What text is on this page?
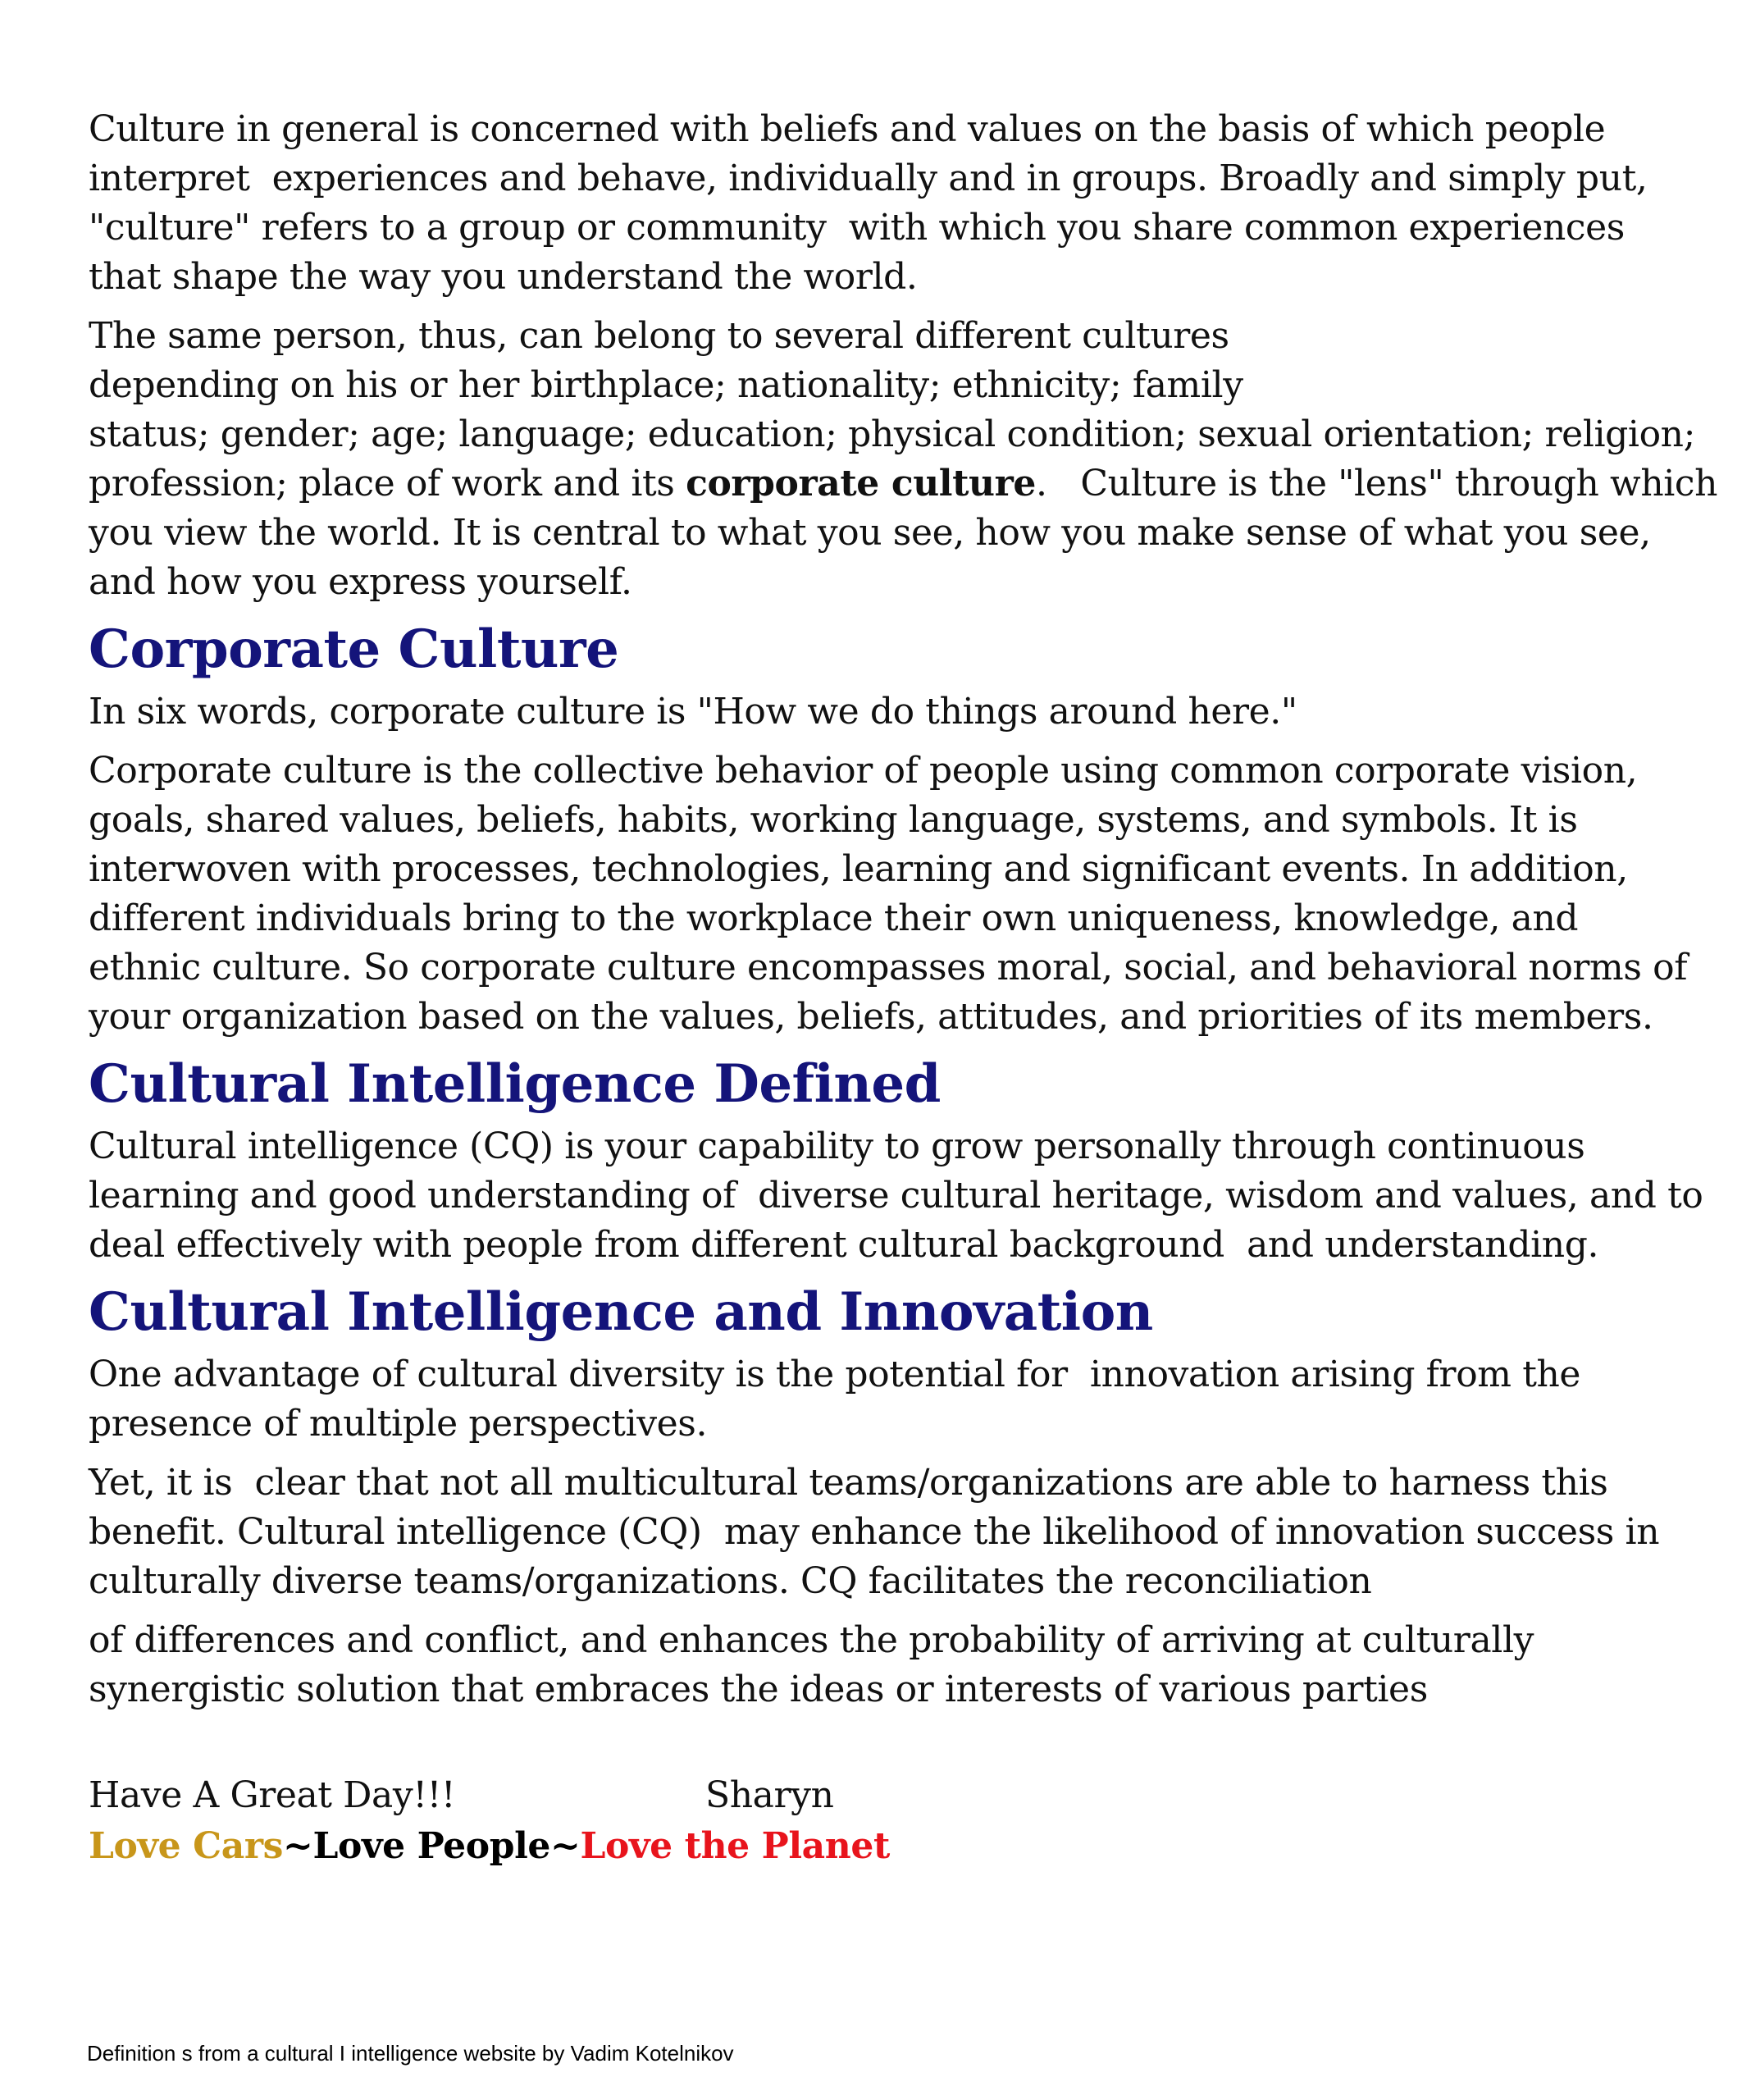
Culture in general is concerned with beliefs and values on the basis of which people
interpret  experiences and behave, individually and in groups. Broadly and simply put,
"culture" refers to a group or community  with which you share common experiences
that shape the way you understand the world.

The same person, thus, can belong to several different cultures
depending on his or her birthplace; nationality; ethnicity; family
status; gender; age; language; education; physical condition; sexual orientation; religion;
profession; place of work and its corporate culture.   Culture is the "lens" through which
you view the world. It is central to what you see, how you make sense of what you see,
and how you express yourself.

Corporate Culture

In six words, corporate culture is "How we do things around here."

Corporate culture is the collective behavior of people using common corporate vision,
goals, shared values, beliefs, habits, working language, systems, and symbols. It is
interwoven with processes, technologies, learning and significant events. In addition,
different individuals bring to the workplace their own uniqueness, knowledge, and
ethnic culture. So corporate culture encompasses moral, social, and behavioral norms of
your organization based on the values, beliefs, attitudes, and priorities of its members.

Cultural Intelligence Defined

Cultural intelligence (CQ) is your capability to grow personally through continuous
learning and good understanding of  diverse cultural heritage, wisdom and values, and to
deal effectively with people from different cultural background  and understanding.

Cultural Intelligence and Innovation

One advantage of cultural diversity is the potential for  innovation arising from the
presence of multiple perspectives.

Yet, it is  clear that not all multicultural teams/organizations are able to harness this
benefit. Cultural intelligence (CQ)  may enhance the likelihood of innovation success in
culturally diverse teams/organizations. CQ facilitates the reconciliation

of differences and conflict, and enhances the probability of arriving at culturally
synergistic solution that embraces the ideas or interests of various parties

Have A Great Day!!!	Sharyn
Love Cars~Love People~Love the Planet
Definition s from a cultural I intelligence website by Vadim Kotelnikov
